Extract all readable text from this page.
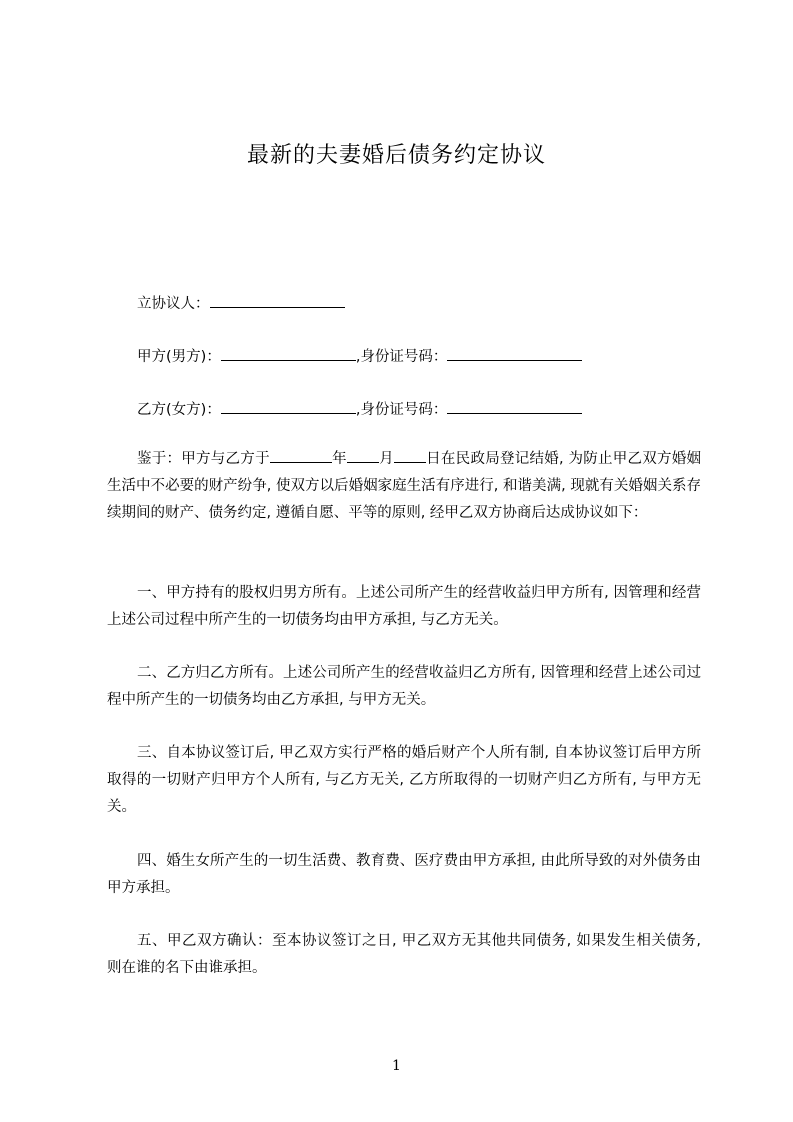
最新的夫妻婚后债务约定协议
立协议人：
甲方(男方)：	,身份证号码：
乙方(女方)：	,身份证号码：
鉴于：甲方与乙方于	年 月 日在民政局登记结婚, 为防止甲乙双方婚姻生活中不必要的财产纷争, 使双方以后婚姻家庭生活有序进行, 和谐美满, 现就有关婚姻关系存续期间的财产、债务约定, 遵循自愿、平等的原则, 经甲乙双方协商后达成协议如下：
一、甲方持有的股权归男方所有。上述公司所产生的经营收益归甲方所有, 因管理和经营上述公司过程中所产生的一切债务均由甲方承担, 与乙方无关。
二、乙方归乙方所有。上述公司所产生的经营收益归乙方所有, 因管理和经营上述公司过程中所产生的一切债务均由乙方承担, 与甲方无关。
三、自本协议签订后, 甲乙双方实行严格的婚后财产个人所有制, 自本协议签订后甲方所取得的一切财产归甲方个人所有, 与乙方无关, 乙方所取得的一切财产归乙方所有, 与甲方无关。
四、婚生女所产生的一切生活费、教育费、医疗费由甲方承担, 由此所导致的对外债务由甲方承担。
五、甲乙双方确认：至本协议签订之日, 甲乙双方无其他共同债务, 如果发生相关债务, 则在谁的名下由谁承担。
1
